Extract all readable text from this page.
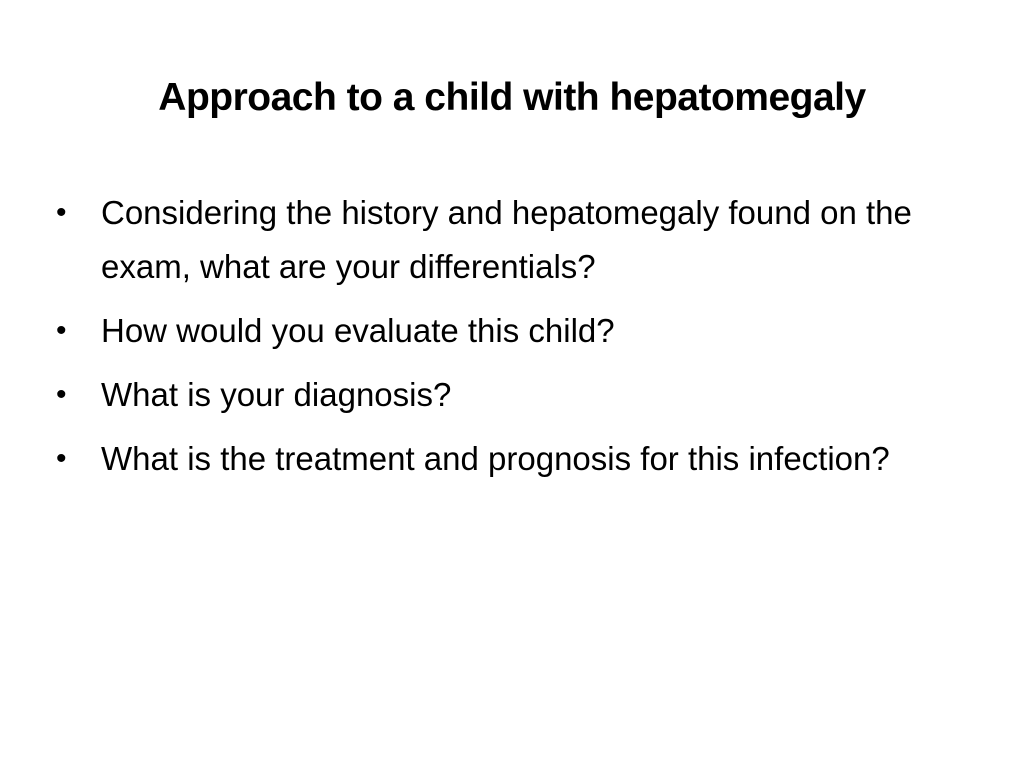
Approach to a child with hepatomegaly
•	Considering the history and hepatomegaly found on the exam, what are your differentials?
•	How would you evaluate this child?
•	What is your diagnosis?
•	What is the treatment and prognosis for this infection?
